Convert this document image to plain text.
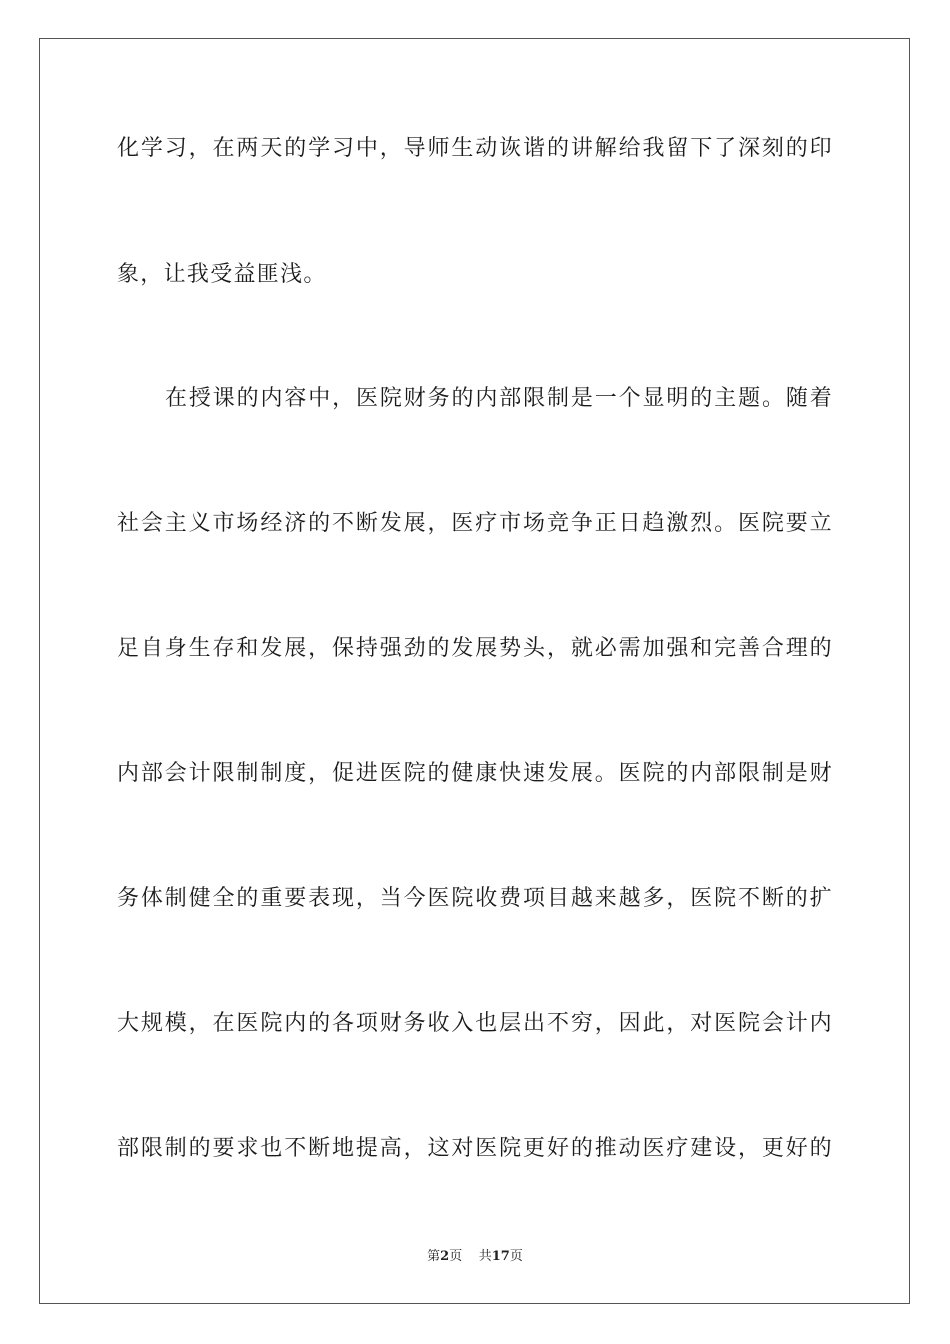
化学习，在两天的学习中，导师生动诙谐的讲解给我留下了深刻的印
象，让我受益匪浅。
在授课的内容中，医院财务的内部限制是一个显明的主题。随着
社会主义市场经济的不断发展，医疗市场竞争正日趋激烈。医院要立
足自身生存和发展，保持强劲的发展势头，就必需加强和完善合理的
内部会计限制制度，促进医院的健康快速发展。医院的内部限制是财
务体制健全的重要表现，当今医院收费项目越来越多，医院不断的扩
大规模，在医院内的各项财务收入也层出不穷，因此，对医院会计内
部限制的要求也不断地提高，这对医院更好的推动医疗建设，更好的
第2页 共17页
